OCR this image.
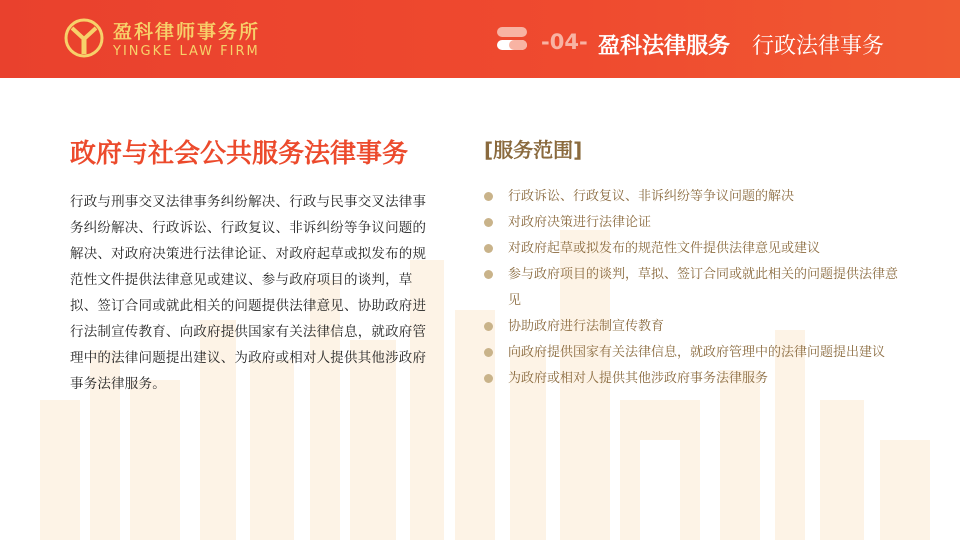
盈科律师事务所
YINGKE LAW FIRM	-04- 盈科法律服务 行政法律事务
政府与社会公共服务法律事务
行政与刑事交叉法律事务纠纷解决、行政与民事交叉法律事务纠纷解决、行政诉讼、行政复议、非诉纠纷等争议问题的解决、对政府决策进行法律论证、对政府起草或拟发布的规范性文件提供法律意见或建议、参与政府项目的谈判，草拟、签订合同或就此相关的问题提供法律意见、协助政府进行法制宣传教育、向政府提供国家有关法律信息，就政府管理中的法律问题提出建议、为政府或相对人提供其他涉政府事务法律服务。
[服务范围]
行政诉讼、行政复议、非诉纠纷等争议问题的解决
对政府决策进行法律论证
对政府起草或拟发布的规范性文件提供法律意见或建议
参与政府项目的谈判，草拟、签订合同或就此相关的问题提供法律意见
协助政府进行法制宣传教育
向政府提供国家有关法律信息，就政府管理中的法律问题提出建议
为政府或相对人提供其他涉政府事务法律服务
